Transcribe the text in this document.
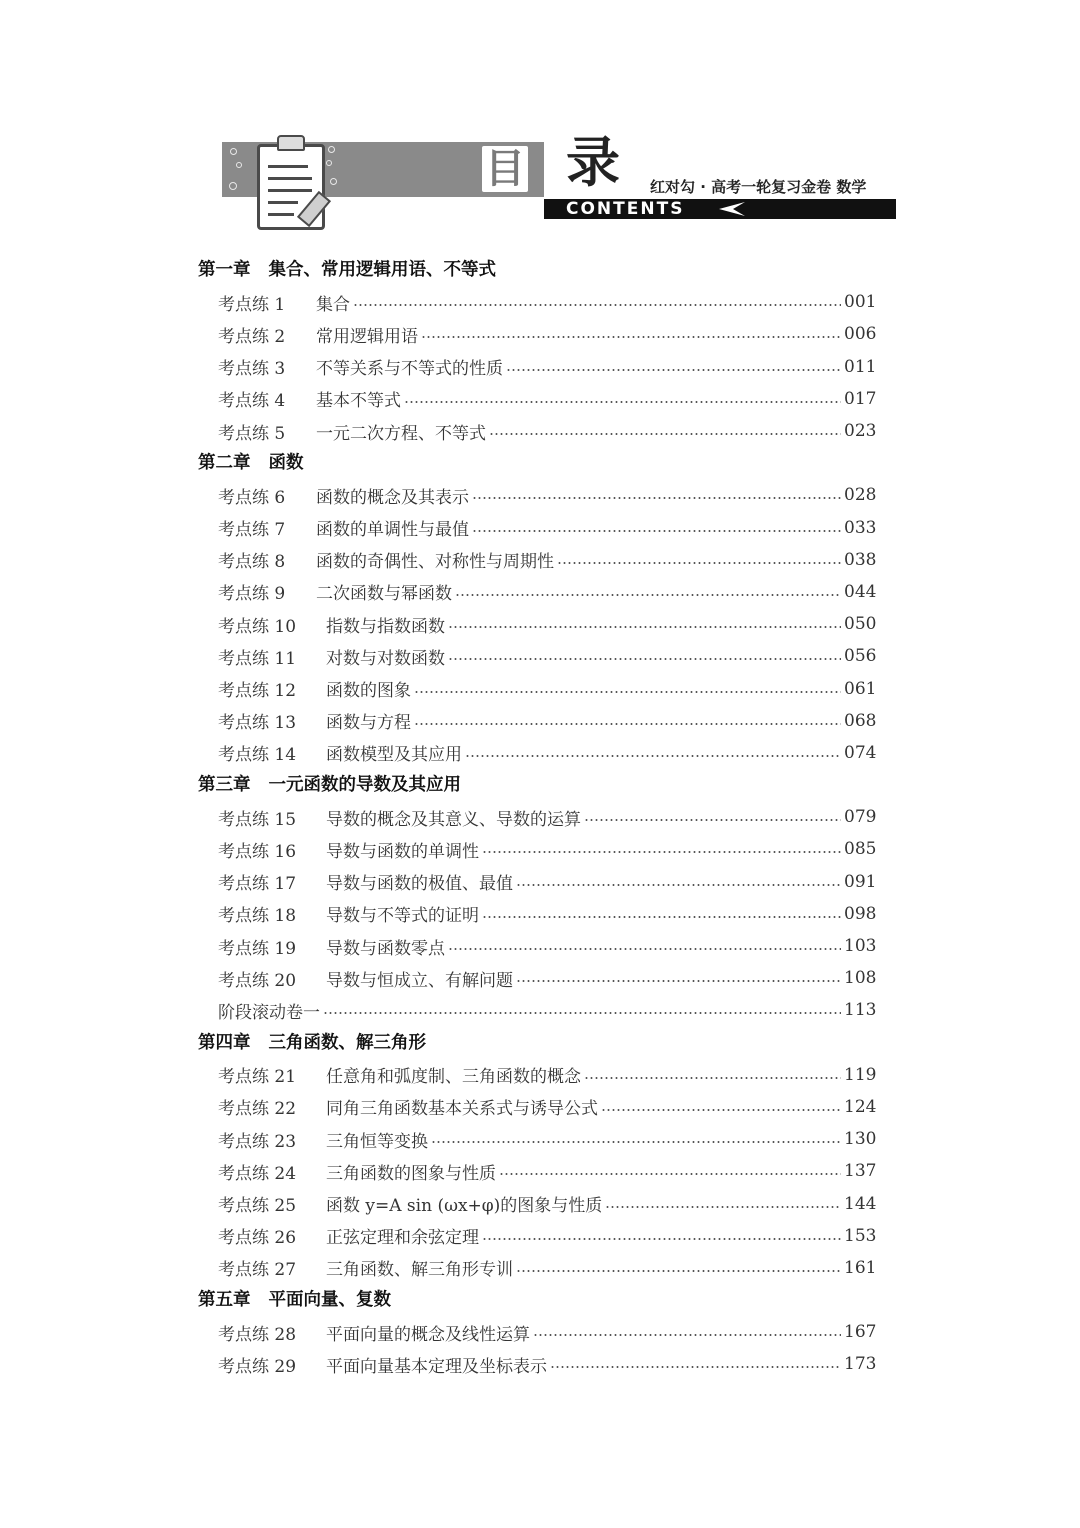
目 录 红对勾 · 高考一轮复习金卷 数学
CONTENTS
第一章 集合、常用逻辑用语、不等式
考点练 1	集合	001
考点练 2	常用逻辑用语	006
考点练 3	不等关系与不等式的性质	011
考点练 4	基本不等式	017
考点练 5	一元二次方程、不等式	023
第二章 函数
考点练 6	函数的概念及其表示	028
考点练 7	函数的单调性与最值	033
考点练 8	函数的奇偶性、对称性与周期性	038
考点练 9	二次函数与幂函数	044
考点练 10	指数与指数函数	050
考点练 11	对数与对数函数	056
考点练 12	函数的图象	061
考点练 13	函数与方程	068
考点练 14	函数模型及其应用	074
第三章 一元函数的导数及其应用
考点练 15	导数的概念及其意义、导数的运算	079
考点练 16	导数与函数的单调性	085
考点练 17	导数与函数的极值、最值	091
考点练 18	导数与不等式的证明	098
考点练 19	导数与函数零点	103
考点练 20	导数与恒成立、有解问题	108
阶段滚动卷一	113
第四章 三角函数、解三角形
考点练 21	任意角和弧度制、三角函数的概念	119
考点练 22	同角三角函数基本关系式与诱导公式	124
考点练 23	三角恒等变换	130
考点练 24	三角函数的图象与性质	137
考点练 25	函数 y=A sin (ωx+φ)的图象与性质	144
考点练 26	正弦定理和余弦定理	153
考点练 27	三角函数、解三角形专训	161
第五章 平面向量、复数
考点练 28	平面向量的概念及线性运算	167
考点练 29	平面向量基本定理及坐标表示	173
